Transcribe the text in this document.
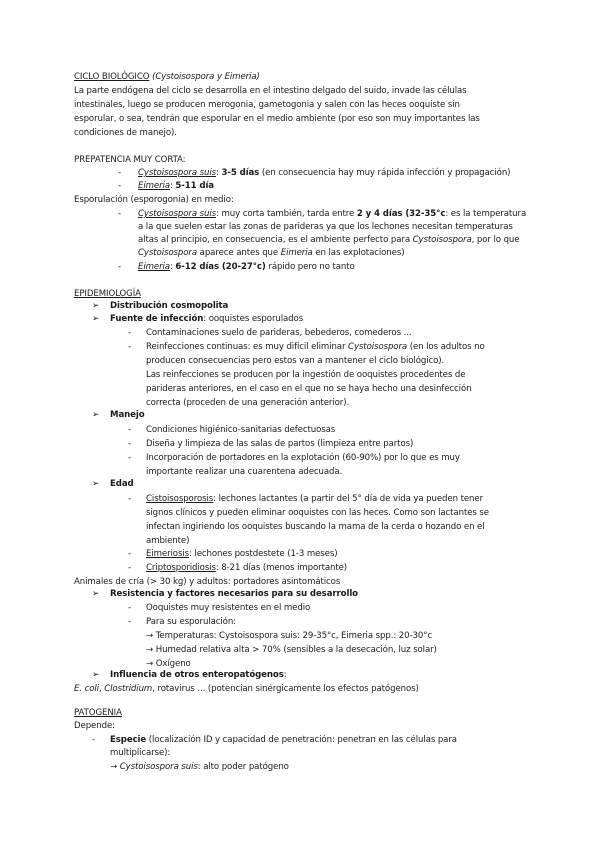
CICLO BIOLÓGICO (Cystoisospora y Eimeria)
La parte endógena del ciclo se desarrolla en el intestino delgado del suido, invade las células
intestinales, luego se producen merogonia, gametogonia y salen con las heces ooquiste sin
esporular, o sea, tendrán que esporular en el medio ambiente (por eso son muy importantes las
condiciones de manejo).
PREPATENCIA MUY CORTA:
- Cystoisospora suis: 3-5 días (en consecuencia hay muy rápida infección y propagación)
- Eimeria: 5-11 día
Esporulación (esporogonia) en medio:
- Cystoisospora suis: muy corta también, tarda entre 2 y 4 días (32-35°c: es la temperatura
a la que suelen estar las zonas de parideras ya que los lechones necesitan temperaturas
altas al principio, en consecuencia, es el ambiente perfecto para Cystoisospora, por lo que
Cystoisospora aparece antes que Eimeria en las explotaciones)
- Eimeria: 6-12 días (20-27°c) rápido pero no tanto
EPIDEMIOLOGÍA
➢ Distribución cosmopolita
➢ Fuente de infección: ooquistes esporulados
- Contaminaciones suelo de parideras, bebederos, comederos ...
- Reinfecciones continuas: es muy difícil eliminar Cystoisospora (en los adultos no
producen consecuencias pero estos van a mantener el ciclo biológico).
Las reinfecciones se producen por la ingestión de ooquistes procedentes de
parideras anteriores, en el caso en el que no se haya hecho una desinfección
correcta (proceden de una generación anterior).
➢ Manejo
- Condiciones higiénico-sanitarias defectuosas
- Diseña y limpieza de las salas de partos (limpieza entre partos)
- Incorporación de portadores en la explotación (60-90%) por lo que es muy
importante realizar una cuarentena adecuada.
➢ Edad
- Cistoisosporosis: lechones lactantes (a partir del 5° día de vida ya pueden tener
signos clínicos y pueden eliminar ooquistes con las heces. Como son lactantes se
infectan ingiriendo los ooquistes buscando la mama de la cerda o hozando en el
ambiente)
- Eimeriosis: lechones postdestete (1-3 meses)
- Criptosporidiosis: 8-21 días (menos importante)
Animales de cría (> 30 kg) y adultos: portadores asintomáticos
➢ Resistencia y factores necesarios para su desarrollo
- Ooquistes muy resistentes en el medio
- Para su esporulación:
→ Temperaturas: Cystoisospora suis: 29-35°c, Eimeria spp.: 20-30°c
→ Humedad relativa alta > 70% (sensibles a la desecación, luz solar)
→ Oxígeno
➢ Influencia de otros enteropatógenos:
E. coli, Clostridium, rotavirus ... (potencian sinérgicamente los efectos patógenos)
PATOGENIA
Depende:
- Especie (localización ID y capacidad de penetración: penetran en las células para
multiplicarse):
→ Cystoisospora suis: alto poder patógeno
